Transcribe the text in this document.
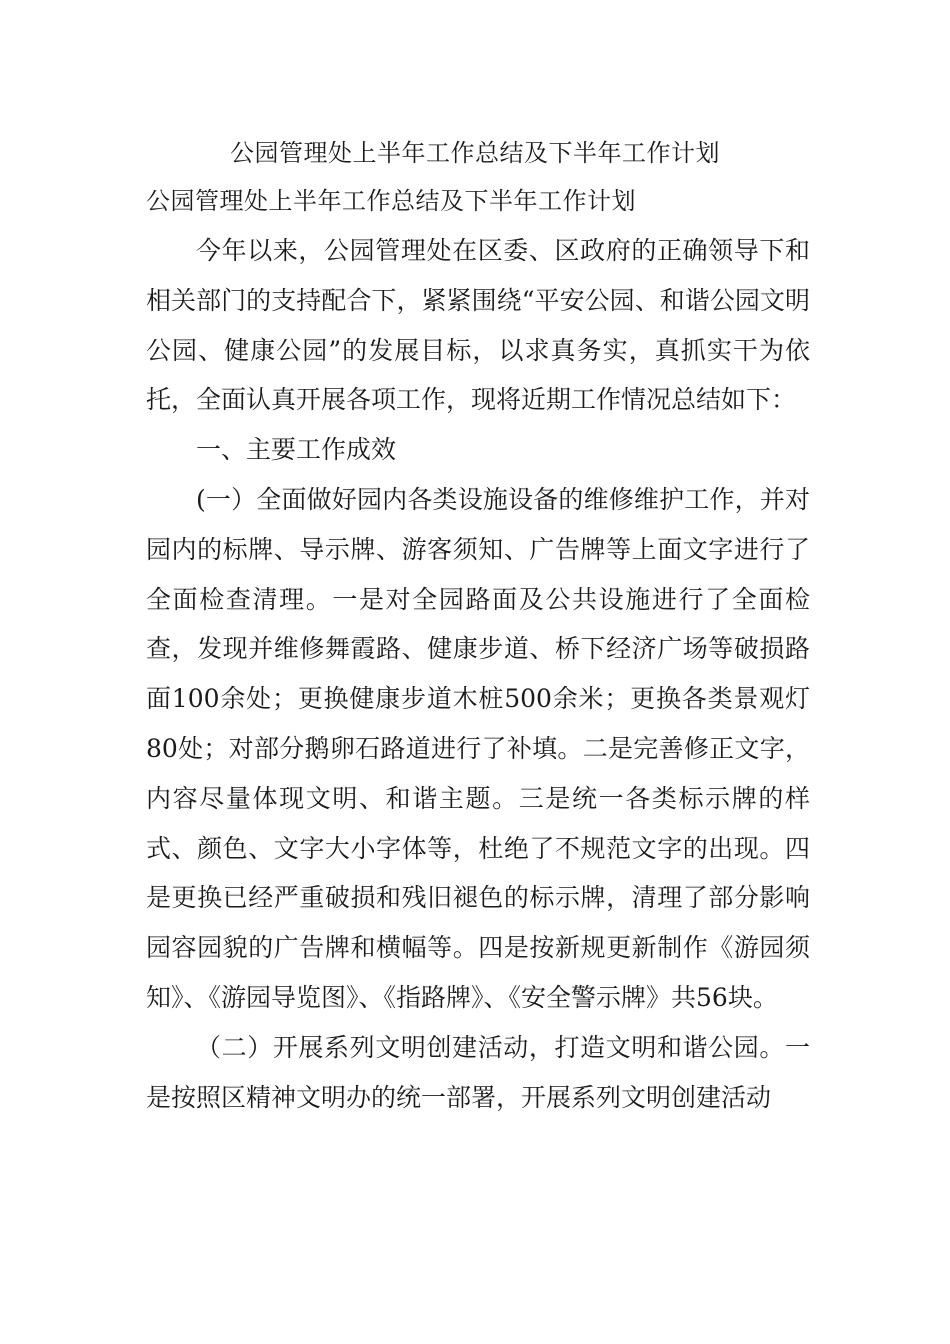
公园管理处上半年工作总结及下半年工作计划
公园管理处上半年工作总结及下半年工作计划

今年以来，公园管理处在区委、区政府的正确领导下和相关部门的支持配合下，紧紧围绕“平安公园、和谐公园文明公园、健康公园”的发展目标，以求真务实，真抓实干为依托，全面认真开展各项工作，现将近期工作情况总结如下：

一、主要工作成效

(一）全面做好园内各类设施设备的维修维护工作，并对园内的标牌、导示牌、游客须知、广告牌等上面文字进行了全面检查清理。一是对全园路面及公共设施进行了全面检查，发现并维修舞霞路、健康步道、桥下经济广场等破损路面100余处；更换健康步道木桩500余米；更换各类景观灯80处；对部分鹅卵石路道进行了补填。二是完善修正文字，内容尽量体现文明、和谐主题。三是统一各类标示牌的样式、颜色、文字大小字体等，杜绝了不规范文字的出现。四是更换已经严重破损和残旧褪色的标示牌，清理了部分影响园容园貌的广告牌和横幅等。四是按新规更新制作《游园须知》、《游园导览图》、《指路牌》、《安全警示牌》共56块。

（二）开展系列文明创建活动，打造文明和谐公园。一是按照区精神文明办的统一部署，开展系列文明创建活动
